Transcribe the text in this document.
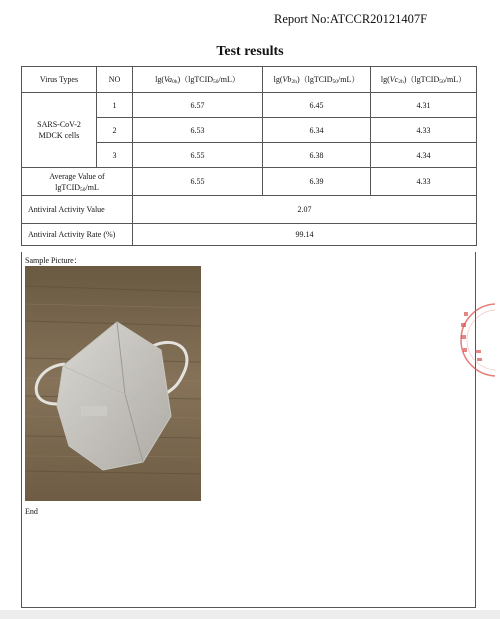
Report No:ATCCR20121407F
Test results
Virus Types	NO	$\lg(Va_{0h})(lgTCID_{50}/mL)$	$\lg(Vb_{2h})(lgTCID_{50}/mL)$	$\lg(Vc_{2h})(lgTCID_{50}/mL)$

SARS-CoV-2
MDCK cells	1	6.57	6.45	4.31
	2	6.53	6.34	4.33
	3	6.55	6.38	4.34

Average Value of
lgTCID$_{50}$/mL		6.55	6.39	4.33
Antiviral Activity Value		2.07		
Antiviral Activity Rate (%)		99.14		
Sample Picture：
End
